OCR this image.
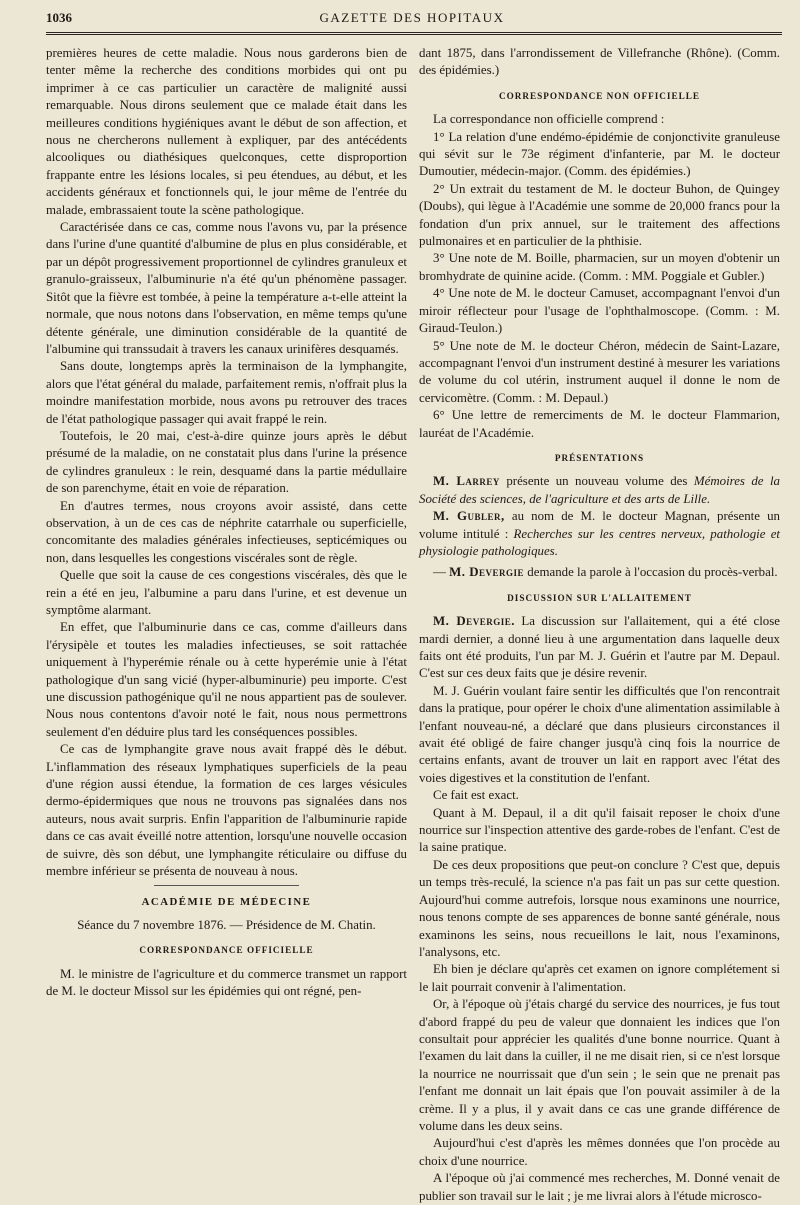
1036	GAZETTE DES HOPITAUX

premières heures de cette maladie. Nous nous garderons bien de tenter même la recherche des conditions morbides qui ont pu imprimer à ce cas particulier un caractère de malignité aussi remarquable. Nous dirons seulement que ce malade était dans les meilleures conditions hygiéniques avant le début de son affection, et nous ne chercherons nullement à expliquer, par des antécédents alcooliques ou diathésiques quelconques, cette disproportion frappante entre les lésions locales, si peu étendues, au début, et les accidents généraux et fonctionnels qui, le jour même de l'entrée du malade, embrassaient toute la scène pathologique.

Caractérisée dans ce cas, comme nous l'avons vu, par la présence dans l'urine d'une quantité d'albumine de plus en plus considérable, et par un dépôt progressivement proportionnel de cylindres granuleux et granulo-graisseux, l'albuminurie n'a été qu'un phénomène passager. Sitôt que la fièvre est tombée, à peine la température a-t-elle atteint la normale, que nous notons dans l'observation, en même temps qu'une détente générale, une diminution considérable de la quantité de l'albumine qui transsudait à travers les canaux urinifères desquamés.

Sans doute, longtemps après la terminaison de la lymphangite, alors que l'état général du malade, parfaitement remis, n'offrait plus la moindre manifestation morbide, nous avons pu retrouver des traces de l'état pathologique passager qui avait frappé le rein.

Toutefois, le 20 mai, c'est-à-dire quinze jours après le début présumé de la maladie, on ne constatait plus dans l'urine la présence de cylindres granuleux : le rein, desquamé dans la partie médullaire de son parenchyme, était en voie de réparation.

En d'autres termes, nous croyons avoir assisté, dans cette observation, à un de ces cas de néphrite catarrhale ou superficielle, concomitante des maladies générales infectieuses, septicémiques ou non, dans lesquelles les congestions viscérales sont de règle.

Quelle que soit la cause de ces congestions viscérales, dès que le rein a été en jeu, l'albumine a paru dans l'urine, et est devenue un symptôme alarmant.

En effet, que l'albuminurie dans ce cas, comme d'ailleurs dans l'érysipèle et toutes les maladies infectieuses, se soit rattachée uniquement à l'hyperémie rénale ou à cette hyperémie unie à l'état pathologique d'un sang vicié (hyper-albuminurie) peu importe. C'est une discussion pathogénique qu'il ne nous appartient pas de soulever. Nous nous contentons d'avoir noté le fait, nous nous permettrons seulement d'en déduire plus tard les conséquences possibles.

Ce cas de lymphangite grave nous avait frappé dès le début. L'inflammation des réseaux lymphatiques superficiels de la peau d'une région aussi étendue, la formation de ces larges vésicules dermo-épidermiques que nous ne trouvons pas signalées dans nos auteurs, nous avait surpris. Enfin l'apparition de l'albuminurie rapide dans ce cas avait éveillé notre attention, lorsqu'une nouvelle occasion de suivre, dès son début, une lymphangite réticulaire ou diffuse du membre inférieur se présenta de nouveau à nous.

ACADÉMIE DE MÉDECINE
Séance du 7 novembre 1876. — Présidence de M. Chatin.
CORRESPONDANCE OFFICIELLE

M. le ministre de l'agriculture et du commerce transmet un rapport de M. le docteur Missol sur les épidémies qui ont régné, pen-

dant 1875, dans l'arrondissement de Villefranche (Rhône). (Comm. des épidémies.)

CORRESPONDANCE NON OFFICIELLE

La correspondance non officielle comprend :

1° La relation d'une endémo-épidémie de conjonctivite granuleuse qui sévit sur le 73e régiment d'infanterie, par M. le docteur Dumoutier, médecin-major. (Comm. des épidémies.)

2° Un extrait du testament de M. le docteur Buhon, de Quingey (Doubs), qui lègue à l'Académie une somme de 20,000 francs pour la fondation d'un prix annuel, sur le traitement des affections pulmonaires et en particulier de la phthisie.

3° Une note de M. Boille, pharmacien, sur un moyen d'obtenir un bromhydrate de quinine acide. (Comm. : MM. Poggiale et Gubler.)

4° Une note de M. le docteur Camuset, accompagnant l'envoi d'un miroir réflecteur pour l'usage de l'ophthalmoscope. (Comm. : M. Giraud-Teulon.)

5° Une note de M. le docteur Chéron, médecin de Saint-Lazare, accompagnant l'envoi d'un instrument destiné à mesurer les variations de volume du col utérin, instrument auquel il donne le nom de cervicomètre. (Comm. : M. Depaul.)

6° Une lettre de remerciments de M. le docteur Flammarion, lauréat de l'Académie.

PRÉSENTATIONS

M. Larrey présente un nouveau volume des Mémoires de la Société des sciences, de l'agriculture et des arts de Lille.

M. Gubler, au nom de M. le docteur Magnan, présente un volume intitulé : Recherches sur les centres nerveux, pathologie et physiologie pathologiques.

— M. Devergie demande la parole à l'occasion du procès-verbal.

DISCUSSION SUR L'ALLAITEMENT

M. Devergie. La discussion sur l'allaitement, qui a été close mardi dernier, a donné lieu à une argumentation dans laquelle deux faits ont été produits, l'un par M. J. Guérin et l'autre par M. Depaul. C'est sur ces deux faits que je désire revenir.

M. J. Guérin voulant faire sentir les difficultés que l'on rencontrait dans la pratique, pour opérer le choix d'une alimentation assimilable à l'enfant nouveau-né, a déclaré que dans plusieurs circonstances il avait été obligé de faire changer jusqu'à cinq fois la nourrice de certains enfants, avant de trouver un lait en rapport avec l'état des voies digestives et la constitution de l'enfant.

Ce fait est exact.

Quant à M. Depaul, il a dit qu'il faisait reposer le choix d'une nourrice sur l'inspection attentive des garde-robes de l'enfant. C'est de la saine pratique.

De ces deux propositions que peut-on conclure ? C'est que, depuis un temps très-reculé, la science n'a pas fait un pas sur cette question. Aujourd'hui comme autrefois, lorsque nous examinons une nourrice, nous tenons compte de ses apparences de bonne santé générale, nous examinons les seins, nous recueillons le lait, nous l'examinons, l'analysons, etc.

Eh bien je déclare qu'après cet examen on ignore complétement si le lait pourrait convenir à l'alimentation.

Or, à l'époque où j'étais chargé du service des nourrices, je fus tout d'abord frappé du peu de valeur que donnaient les indices que l'on consultait pour apprécier les qualités d'une bonne nourrice. Quant à l'examen du lait dans la cuiller, il ne me disait rien, si ce n'est lorsque la nourrice ne nourrissait que d'un sein ; le sein que ne prenait pas l'enfant me donnait un lait épais que l'on pouvait assimiler à de la crème. Il y a plus, il y avait dans ce cas une grande différence de volume dans les deux seins.

Aujourd'hui c'est d'après les mêmes données que l'on procède au choix d'une nourrice.

A l'époque où j'ai commencé mes recherches, M. Donné venait de publier son travail sur le lait ; je me livrai alors à l'étude microsco-
